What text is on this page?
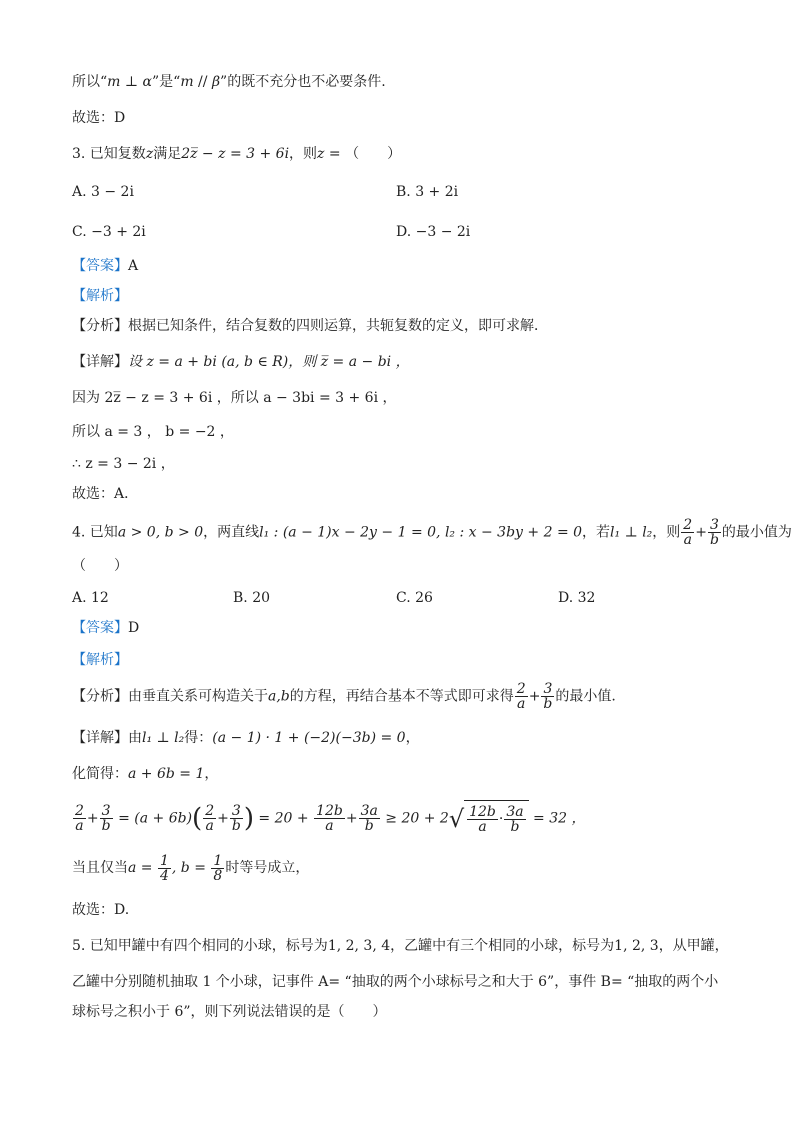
所以“m ⊥ α”是“m // β”的既不充分也不必要条件.
故选：D
3. 已知复数z满足2z̅ − z = 3 + 6i，则z = （　　）
A. 3 − 2i	B. 3 + 2i
C. −3 + 2i	D. −3 − 2i
【答案】A
【解析】
【分析】根据已知条件，结合复数的四则运算，共轭复数的定义，即可求解．
【详解】设 z = a + bi (a, b ∈ R)，则 z̅ = a − bi ，
因为 2z̅ − z = 3 + 6i ，所以 a − 3bi = 3 + 6i ，
所以 a = 3 ， b = −2 ，
∴ z = 3 − 2i ，
故选：A．
4. 已知a > 0, b > 0，两直线l₁ : (a − 1)x − 2y − 1 = 0, l₂ : x − 3by + 2 = 0，若l₁ ⊥ l₂，则 $\frac{2}{a} + \frac{3}{b}$ 的最小值为
（　　）
A. 12	B. 20	C. 26	D. 32
【答案】D
【解析】
【分析】由垂直关系可构造关于a,b的方程，再结合基本不等式即可求得 $\frac{2}{a} + \frac{3}{b}$ 的最小值.
【详解】由l₁ ⊥ l₂得：(a − 1) · 1 + (−2)(−3b) = 0，
化简得：a + 6b = 1，
$\frac{2}{a} + \frac{3}{b} = (a + 6b)( \frac{2}{a} + \frac{3}{b}$ ) = $20 + \frac{12b}{a} + \frac{3a}{b} \ge 20 + 2$ √ $\frac{12b}{a} \cdot \frac{3a}{b} = 32$ ，
当且仅当$a = \frac{1}{4}$ , $b = \frac{1}{8}$ 时等号成立，
故选：D.
5. 已知甲罐中有四个相同的小球，标号为1, 2, 3, 4，乙罐中有三个相同的小球，标号为1, 2, 3，从甲罐，
乙罐中分别随机抽取 1 个小球，记事件 A= “抽取的两个小球标号之和大于 6”，事件 B= “抽取的两个小
球标号之积小于 6”，则下列说法错误的是（　　）
